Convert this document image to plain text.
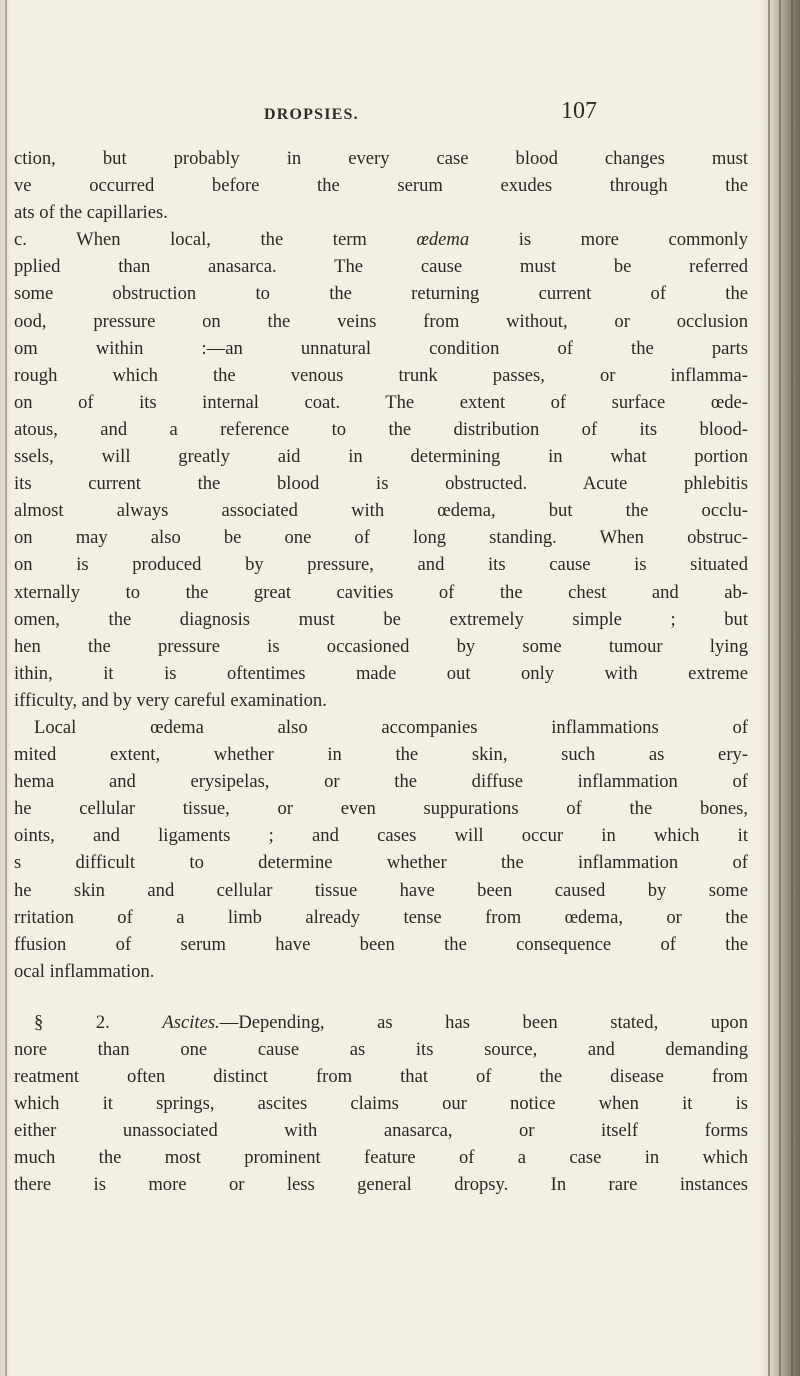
DROPSIES.	107
ction, but probably in every case blood changes must
ve occurred before the serum exudes through the
ats of the capillaries.
c. When local, the term œdema is more commonly
pplied than anasarca. The cause must be referred
some obstruction to the returning current of the
ood, pressure on the veins from without, or occlusion
om within :—an unnatural condition of the parts
rough which the venous trunk passes, or inflamma-
on of its internal coat. The extent of surface œde-
atous, and a reference to the distribution of its blood-
ssels, will greatly aid in determining in what portion
its current the blood is obstructed. Acute phlebitis
almost always associated with œdema, but the occlu-
on may also be one of long standing. When obstruc-
on is produced by pressure, and its cause is situated
xternally to the great cavities of the chest and ab-
omen, the diagnosis must be extremely simple ; but
hen the pressure is occasioned by some tumour lying
ithin, it is oftentimes made out only with extreme
ifficulty, and by very careful examination.
Local œdema also accompanies inflammations of
mited extent, whether in the skin, such as ery-
hema and erysipelas, or the diffuse inflammation of
he cellular tissue, or even suppurations of the bones,
oints, and ligaments ; and cases will occur in which it
s difficult to determine whether the inflammation of
he skin and cellular tissue have been caused by some
rritation of a limb already tense from œdema, or the
ffusion of serum have been the consequence of the
ocal inflammation.
§ 2. Ascites.—Depending, as has been stated, upon
nore than one cause as its source, and demanding
reatment often distinct from that of the disease from
which it springs, ascites claims our notice when it is
either unassociated with anasarca, or itself forms
much the most prominent feature of a case in which
there is more or less general dropsy. In rare instances
